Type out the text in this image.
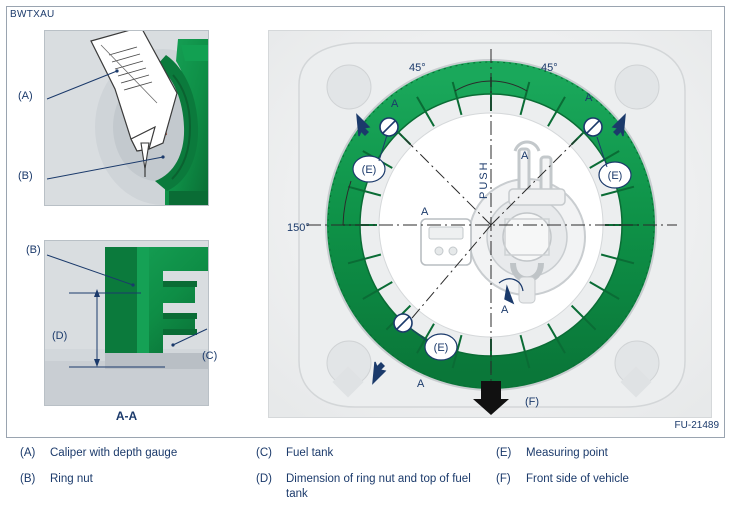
BWTXAU
(A)
(B)
(B)
(D)
(C)
A-A
PUSH
(E)	(E)
(E)
45°	45°
150°
A	A
A
A
A
A
(F)
FU-21489
(A)	Caliper with depth gauge
(B)	Ring nut
(C)	Fuel tank
(D)	Dimension of ring nut and top of fuel tank
(E)	Measuring point
(F)	Front side of vehicle
